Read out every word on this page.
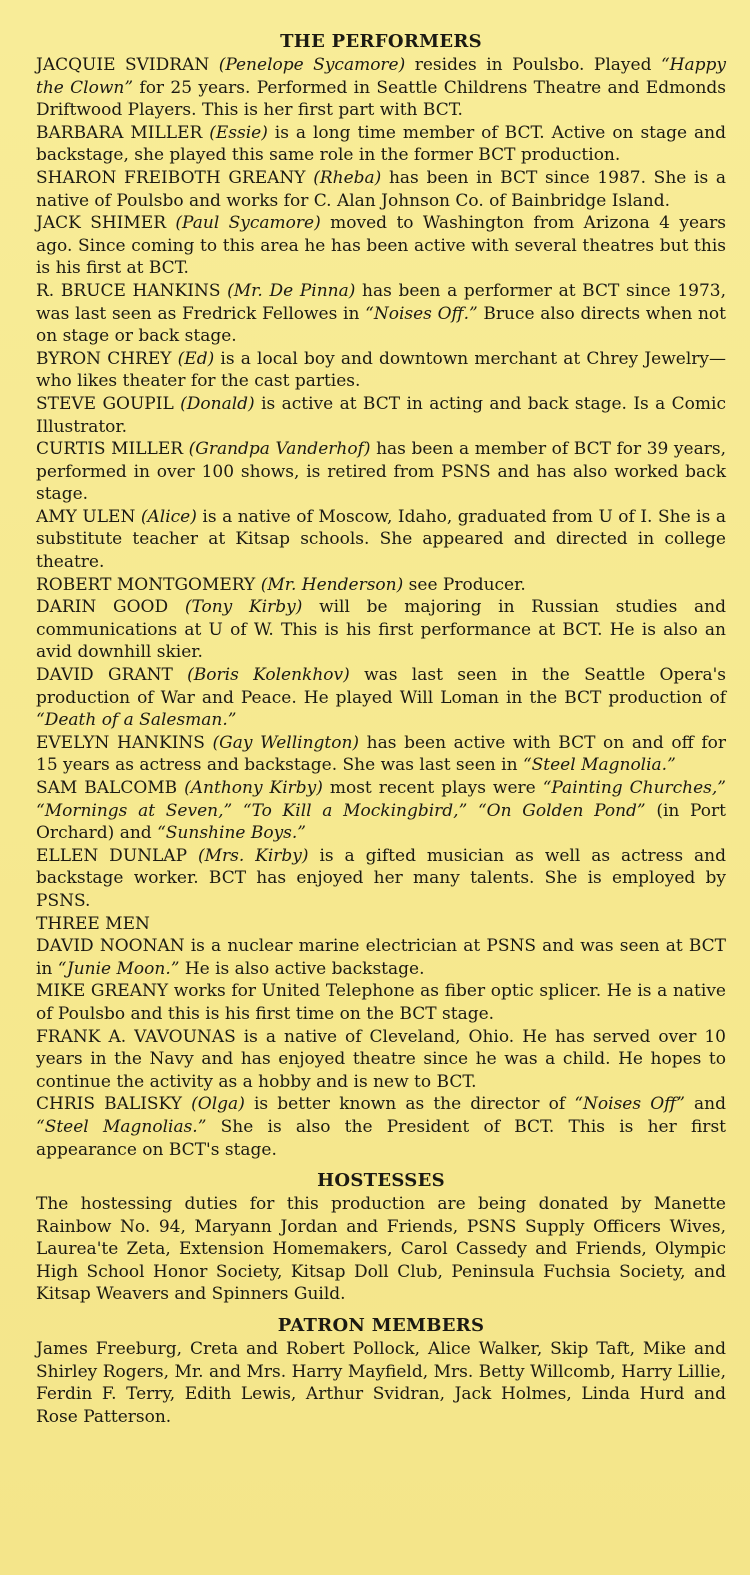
THE PERFORMERS
JACQUIE SVIDRAN (Penelope Sycamore) resides in Poulsbo. Played “Happy the Clown” for 25 years. Performed in Seattle Childrens Theatre and Edmonds Driftwood Players. This is her first part with BCT.
BARBARA MILLER (Essie) is a long time member of BCT. Active on stage and backstage, she played this same role in the former BCT production.
SHARON FREIBOTH GREANY (Rheba) has been in BCT since 1987. She is a native of Poulsbo and works for C. Alan Johnson Co. of Bainbridge Island.
JACK SHIMER (Paul Sycamore) moved to Washington from Arizona 4 years ago. Since coming to this area he has been active with several theatres but this is his first at BCT.
R. BRUCE HANKINS (Mr. De Pinna) has been a performer at BCT since 1973, was last seen as Fredrick Fellowes in “Noises Off.” Bruce also directs when not on stage or back stage.
BYRON CHREY (Ed) is a local boy and downtown merchant at Chrey Jewelry—who likes theater for the cast parties.
STEVE GOUPIL (Donald) is active at BCT in acting and back stage. Is a Comic Illustrator.
CURTIS MILLER (Grandpa Vanderhof) has been a member of BCT for 39 years, performed in over 100 shows, is retired from PSNS and has also worked back stage.
AMY ULEN (Alice) is a native of Moscow, Idaho, graduated from U of I. She is a substitute teacher at Kitsap schools. She appeared and directed in college theatre.
ROBERT MONTGOMERY (Mr. Henderson) see Producer.
DARIN GOOD (Tony Kirby) will be majoring in Russian studies and communications at U of W. This is his first performance at BCT. He is also an avid downhill skier.
DAVID GRANT (Boris Kolenkhov) was last seen in the Seattle Opera's production of War and Peace. He played Will Loman in the BCT production of “Death of a Salesman.”
EVELYN HANKINS (Gay Wellington) has been active with BCT on and off for 15 years as actress and backstage. She was last seen in “Steel Magnolia.”
SAM BALCOMB (Anthony Kirby) most recent plays were “Painting Churches,” “Mornings at Seven,” “To Kill a Mockingbird,” “On Golden Pond” (in Port Orchard) and “Sunshine Boys.”
ELLEN DUNLAP (Mrs. Kirby) is a gifted musician as well as actress and backstage worker. BCT has enjoyed her many talents. She is employed by PSNS.
THREE MEN
DAVID NOONAN is a nuclear marine electrician at PSNS and was seen at BCT in “Junie Moon.” He is also active backstage.
MIKE GREANY works for United Telephone as fiber optic splicer. He is a native of Poulsbo and this is his first time on the BCT stage.
FRANK A. VAVOUNAS is a native of Cleveland, Ohio. He has served over 10 years in the Navy and has enjoyed theatre since he was a child. He hopes to continue the activity as a hobby and is new to BCT.
CHRIS BALISKY (Olga) is better known as the director of “Noises Off” and “Steel Magnolias.” She is also the President of BCT. This is her first appearance on BCT's stage.
HOSTESSES
The hostessing duties for this production are being donated by Manette Rainbow No. 94, Maryann Jordan and Friends, PSNS Supply Officers Wives, Laurea'te Zeta, Extension Homemakers, Carol Cassedy and Friends, Olympic High School Honor Society, Kitsap Doll Club, Peninsula Fuchsia Society, and Kitsap Weavers and Spinners Guild.
PATRON MEMBERS
James Freeburg, Creta and Robert Pollock, Alice Walker, Skip Taft, Mike and Shirley Rogers, Mr. and Mrs. Harry Mayfield, Mrs. Betty Willcomb, Harry Lillie, Ferdin F. Terry, Edith Lewis, Arthur Svidran, Jack Holmes, Linda Hurd and Rose Patterson.
